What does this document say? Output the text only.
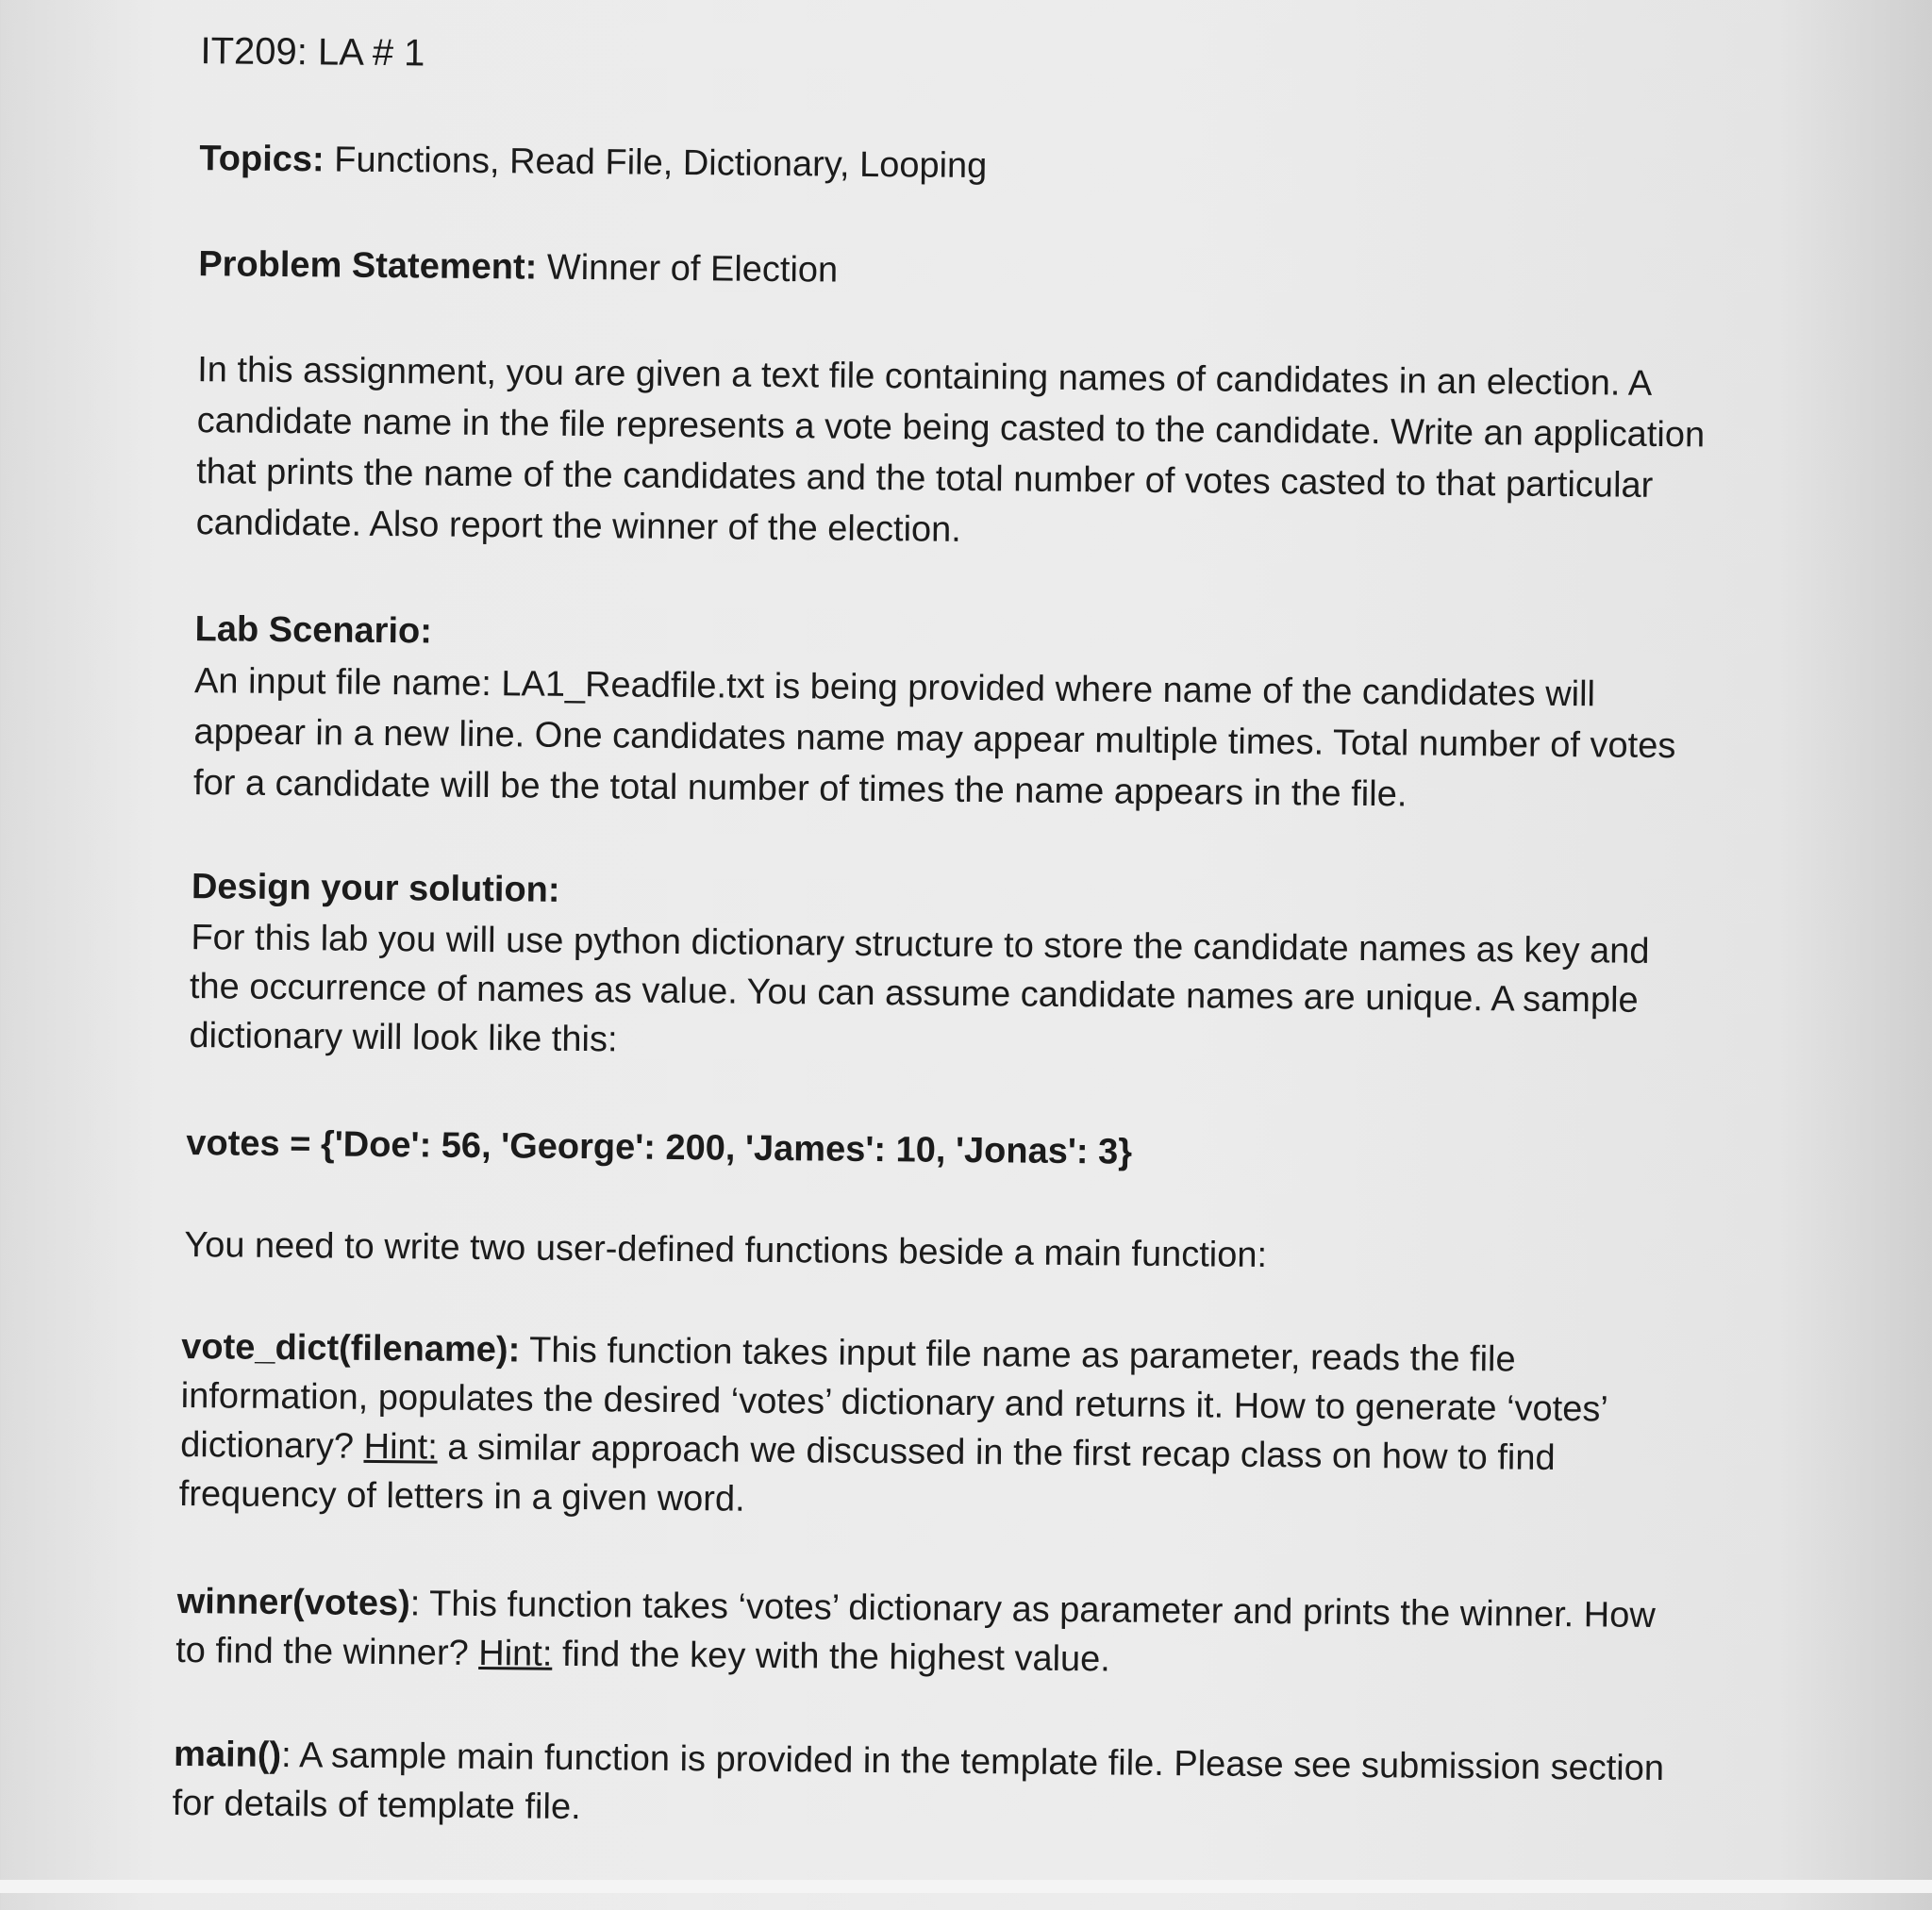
IT209: LA # 1
Topics: Functions, Read File, Dictionary, Looping
Problem Statement: Winner of Election
In this assignment, you are given a text file containing names of candidates in an election. A
candidate name in the file represents a vote being casted to the candidate. Write an application
that prints the name of the candidates and the total number of votes casted to that particular
candidate. Also report the winner of the election.
Lab Scenario:
An input file name: LA1_Readfile.txt is being provided where name of the candidates will
appear in a new line. One candidates name may appear multiple times. Total number of votes
for a candidate will be the total number of times the name appears in the file.
Design your solution:
For this lab you will use python dictionary structure to store the candidate names as key and
the occurrence of names as value. You can assume candidate names are unique. A sample
dictionary will look like this:
votes = {'Doe': 56, 'George': 200, 'James': 10, 'Jonas': 3}
You need to write two user-defined functions beside a main function:
vote_dict(filename): This function takes input file name as parameter, reads the file
information, populates the desired ‘votes’ dictionary and returns it. How to generate ‘votes’
dictionary? Hint: a similar approach we discussed in the first recap class on how to find
frequency of letters in a given word.
winner(votes): This function takes ‘votes’ dictionary as parameter and prints the winner. How
to find the winner? Hint: find the key with the highest value.
main(): A sample main function is provided in the template file. Please see submission section
for details of template file.
